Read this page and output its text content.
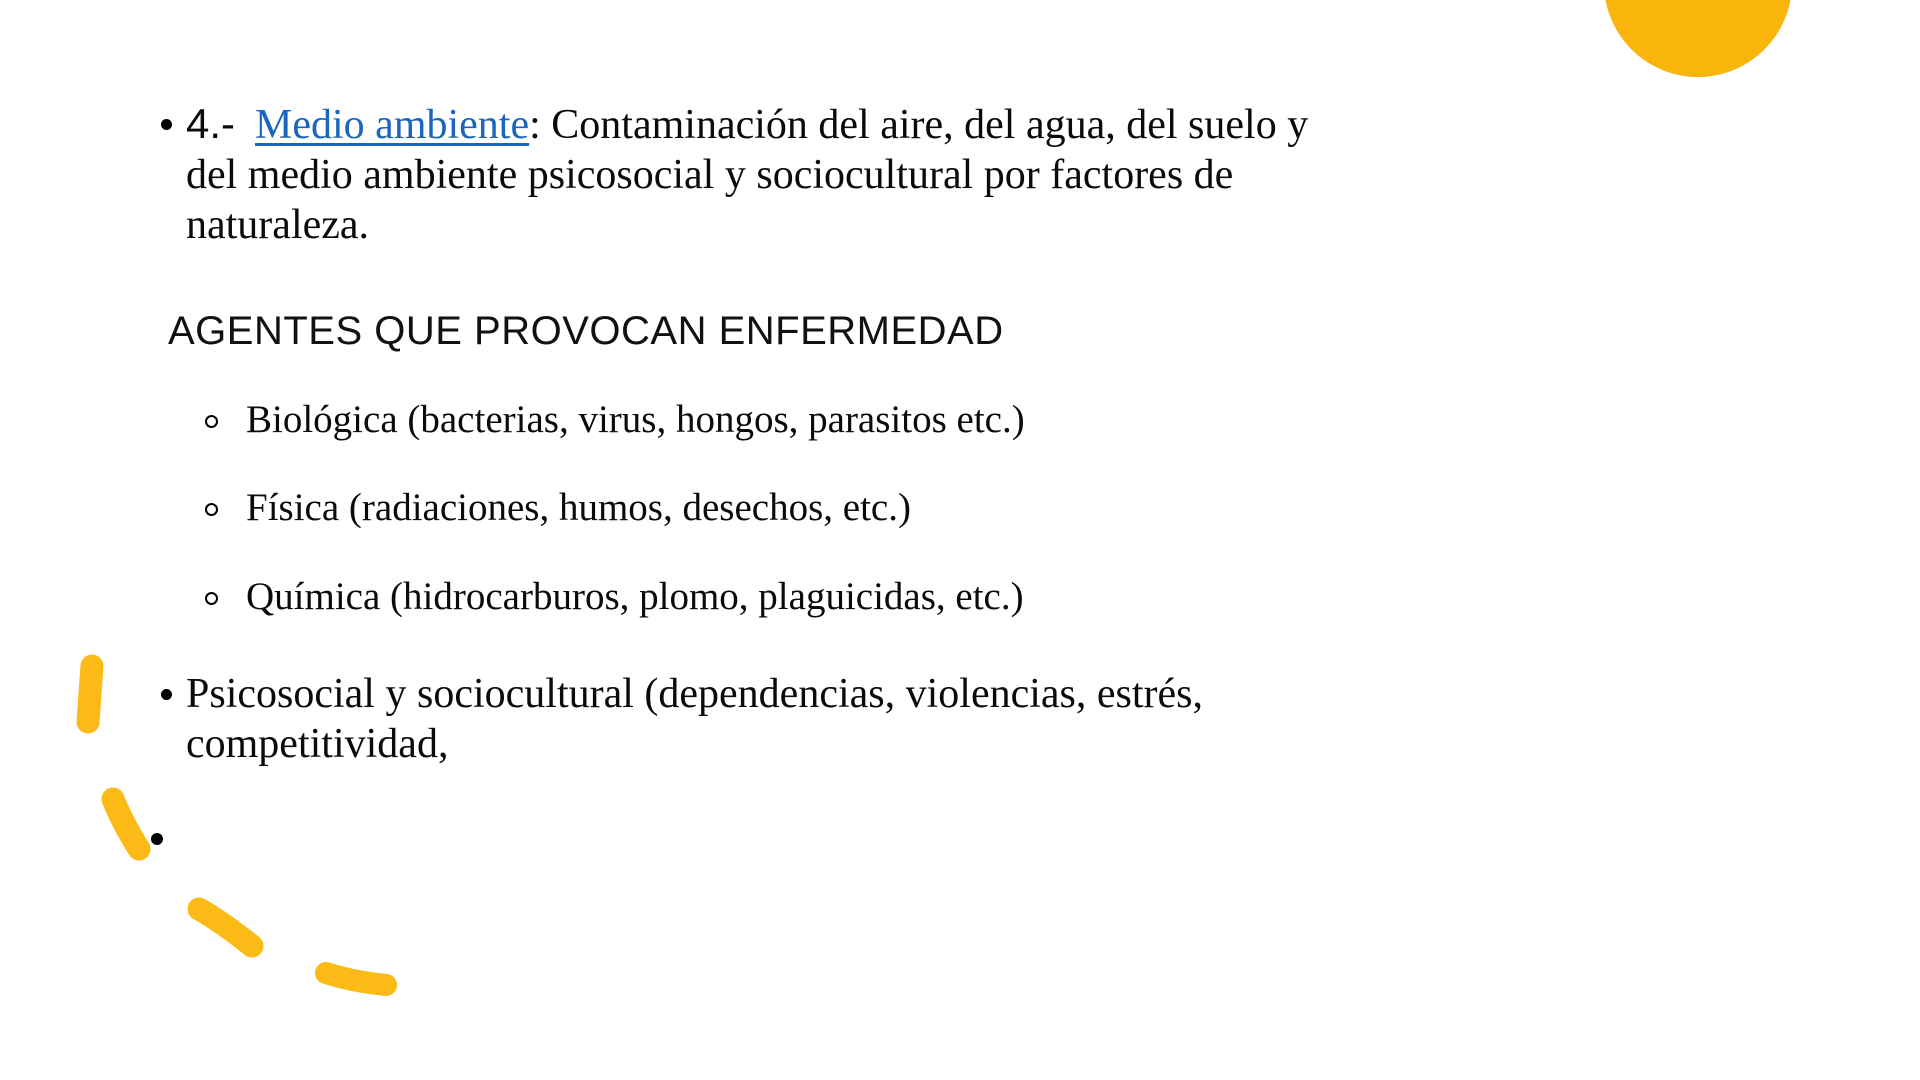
4.- Medio ambiente: Contaminación del aire, del agua, del suelo y
del medio ambiente psicosocial y sociocultural por factores de
naturaleza.
AGENTES QUE PROVOCAN ENFERMEDAD
Biológica (bacterias, virus, hongos, parasitos etc.)
Física (radiaciones, humos, desechos, etc.)
Química (hidrocarburos, plomo, plaguicidas, etc.)
Psicosocial y sociocultural (dependencias, violencias, estrés,
competitividad,
